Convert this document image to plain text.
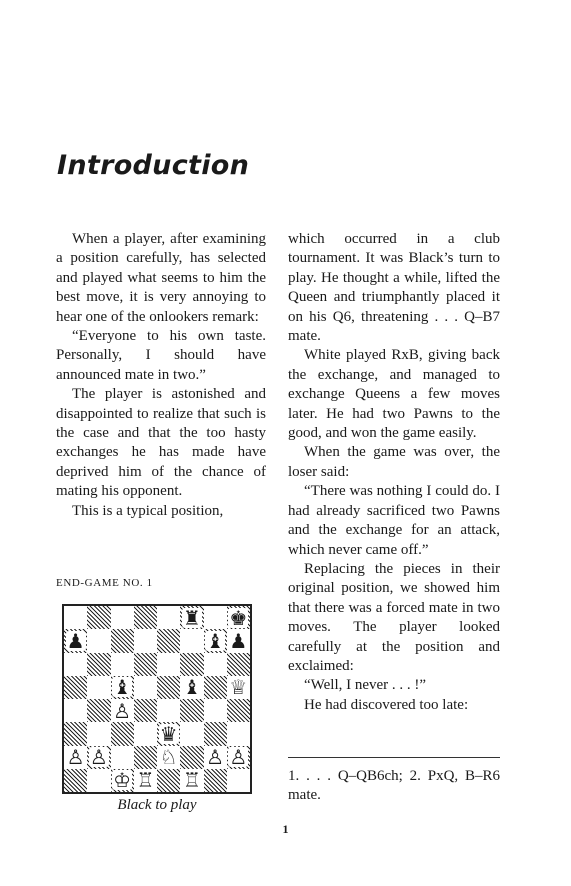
Introduction

When a player, after examining a position carefully, has selected and played what seems to him the best move, it is very annoying to hear one of the onlookers remark:

“Everyone to his own taste. Personally, I should have announced mate in two.”

The player is astonished and disappointed to realize that such is the case and that the too hasty exchanges he has made have deprived him of the chance of mating his opponent.

This is a typical position,

END-GAME NO. 1
♜ ♚
♟	♝ ♟
♝	♝ ♕
♙
♛
♙ ♙	♘ ♙ ♙
♔ ♖ ♖
Black to play

which occurred in a club tournament. It was Black’s turn to play. He thought a while, lifted the Queen and triumphantly placed it on his Q6, threatening . . . Q–B7 mate.

White played RxB, giving back the exchange, and managed to exchange Queens a few moves later. He had two Pawns to the good, and won the game easily.

When the game was over, the loser said:

“There was nothing I could do. I had already sacrificed two Pawns and the exchange for an attack, which never came off.”

Replacing the pieces in their original position, we showed him that there was a forced mate in two moves. The player looked carefully at the position and exclaimed:

“Well, I never . . . !”

He had discovered too late:

1. . . . Q–QB6ch; 2. PxQ, B–R6 mate.
1
